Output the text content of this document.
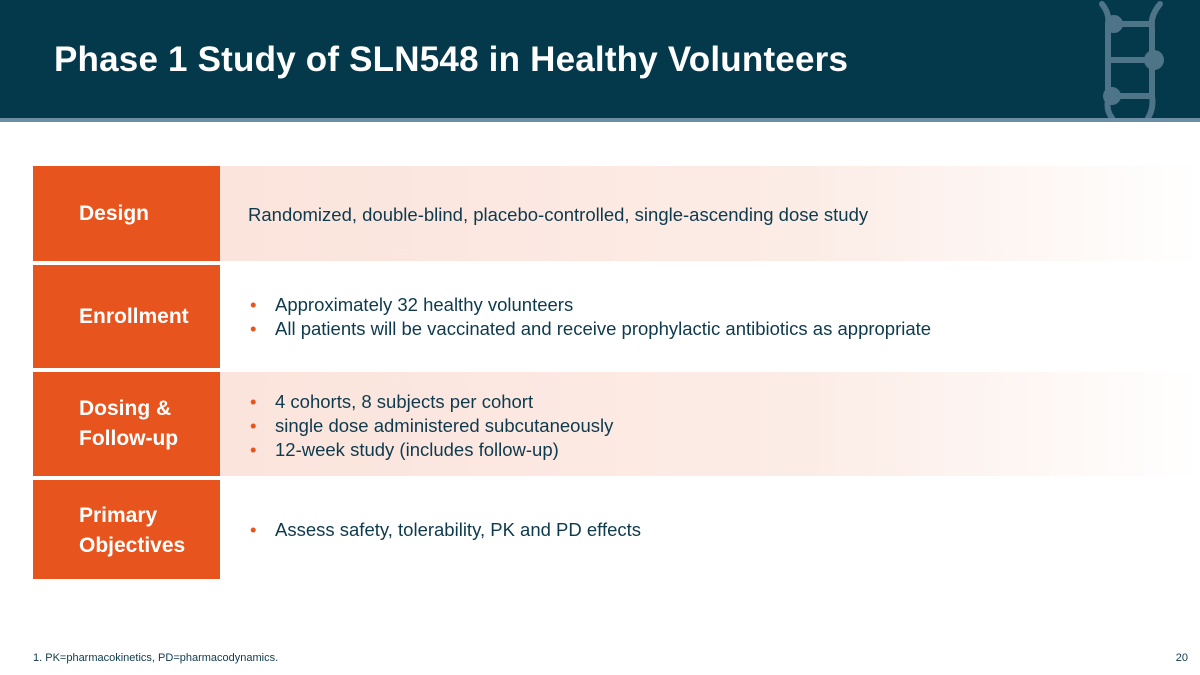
Phase 1 Study of SLN548 in Healthy Volunteers
Design	Randomized, double-blind, placebo-controlled, single-ascending dose study
Enrollment
• Approximately 32 healthy volunteers
• All patients will be vaccinated and receive prophylactic antibiotics as appropriate
Dosing &
Follow-up
• 4 cohorts, 8 subjects per cohort
• single dose administered subcutaneously
• 12-week study (includes follow-up)
Primary
Objectives
• Assess safety, tolerability, PK and PD effects
1. PK=pharmacokinetics, PD=pharmacodynamics.	20
